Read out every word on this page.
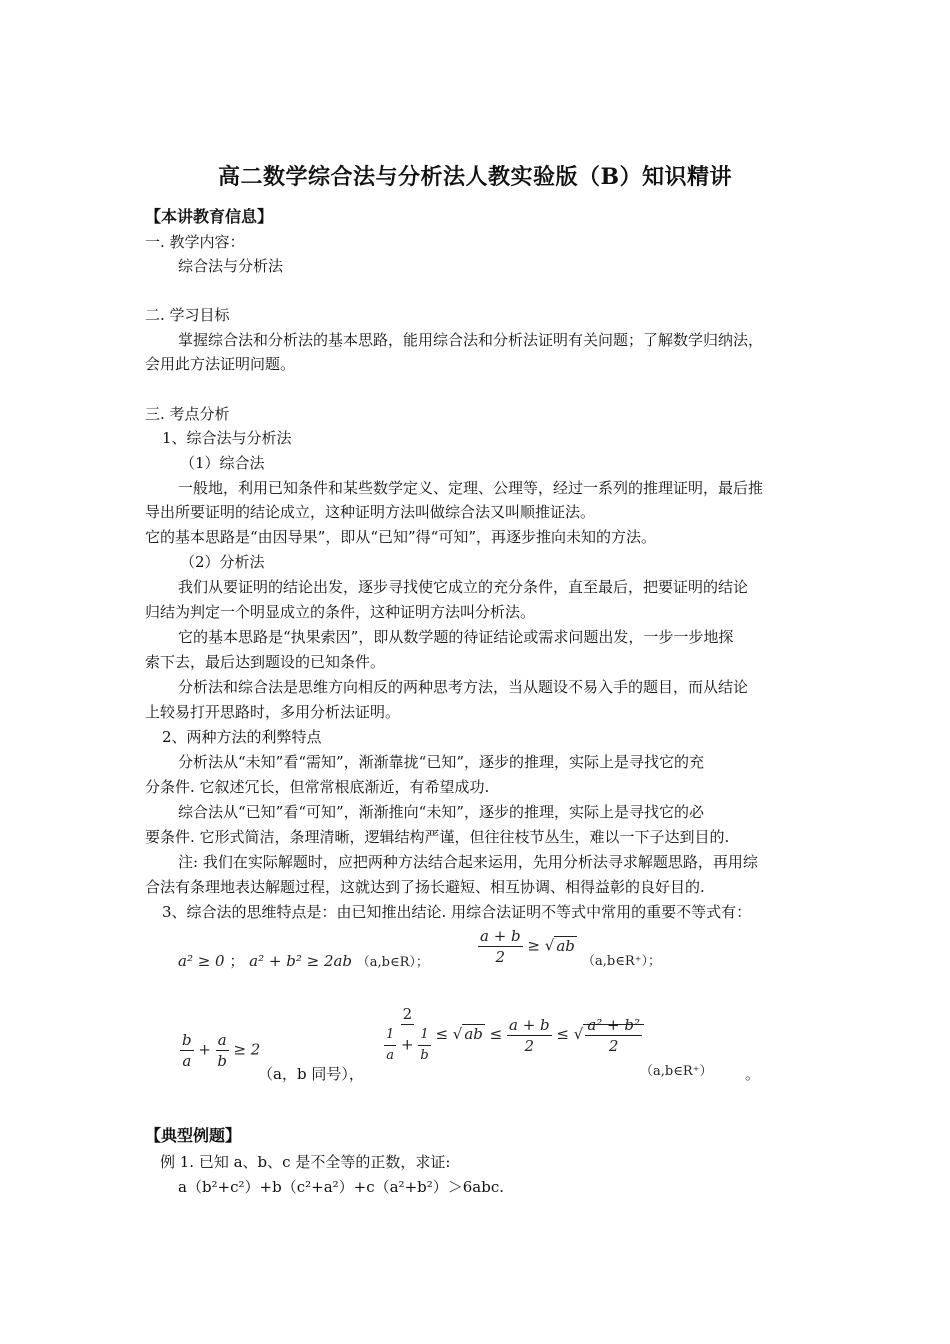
高二数学综合法与分析法人教实验版（B）知识精讲
【本讲教育信息】
一. 教学内容：
综合法与分析法
二. 学习目标
掌握综合法和分析法的基本思路，能用综合法和分析法证明有关问题；了解数学归纳法，
会用此方法证明问题。
三. 考点分析
1、综合法与分析法
（1）综合法
一般地，利用已知条件和某些数学定义、定理、公理等，经过一系列的推理证明，最后推
导出所要证明的结论成立，这种证明方法叫做综合法又叫顺推证法。
它的基本思路是“由因导果”，即从“已知”得“可知”，再逐步推向未知的方法。
（2）分析法
我们从要证明的结论出发，逐步寻找使它成立的充分条件，直至最后，把要证明的结论
归结为判定一个明显成立的条件，这种证明方法叫分析法。
它的基本思路是“执果索因”，即从数学题的待证结论或需求问题出发，一步一步地探
索下去，最后达到题设的已知条件。
分析法和综合法是思维方向相反的两种思考方法，当从题设不易入手的题目，而从结论
上较易打开思路时，多用分析法证明。
2、两种方法的利弊特点
分析法从“未知”看“需知”，渐渐靠拢“已知”，逐步的推理，实际上是寻找它的充
分条件. 它叙述冗长，但常常根底渐近，有希望成功.
综合法从“已知”看“可知”，渐渐推向“未知”，逐步的推理，实际上是寻找它的必
要条件. 它形式简洁，条理清晰，逻辑结构严谨，但往往枝节丛生，难以一下子达到目的.
注: 我们在实际解题时，应把两种方法结合起来运用，先用分析法寻求解题思路，再用综
合法有条理地表达解题过程，这就达到了扬长避短、相互协调、相得益彰的良好目的.
3、综合法的思维特点是：由已知推出结论. 用综合法证明不等式中常用的重要不等式有：
a² ≥ 0 ； a² + b² ≥ 2ab （a,b∈R）；	$\frac{a + b}{2}$ ≥ √ ab
（a,b∈R⁺）；
$\frac{b}{a} + \frac{a}{b} \ge 2$
（a，b 同号），
$\frac{2}{\frac{1}{a} + \frac{1}{b}}$ ≤ √ ab ≤ $\frac{a + b}{2}$ ≤ √ $\frac{\text{a² + b²}}{2}$
（a,b∈R⁺） 。
【典型例题】
例 1. 已知 a、b、c 是不全等的正数，求证:
a（b²+c²）+b（c²+a²）+c（a²+b²）＞6abc.
